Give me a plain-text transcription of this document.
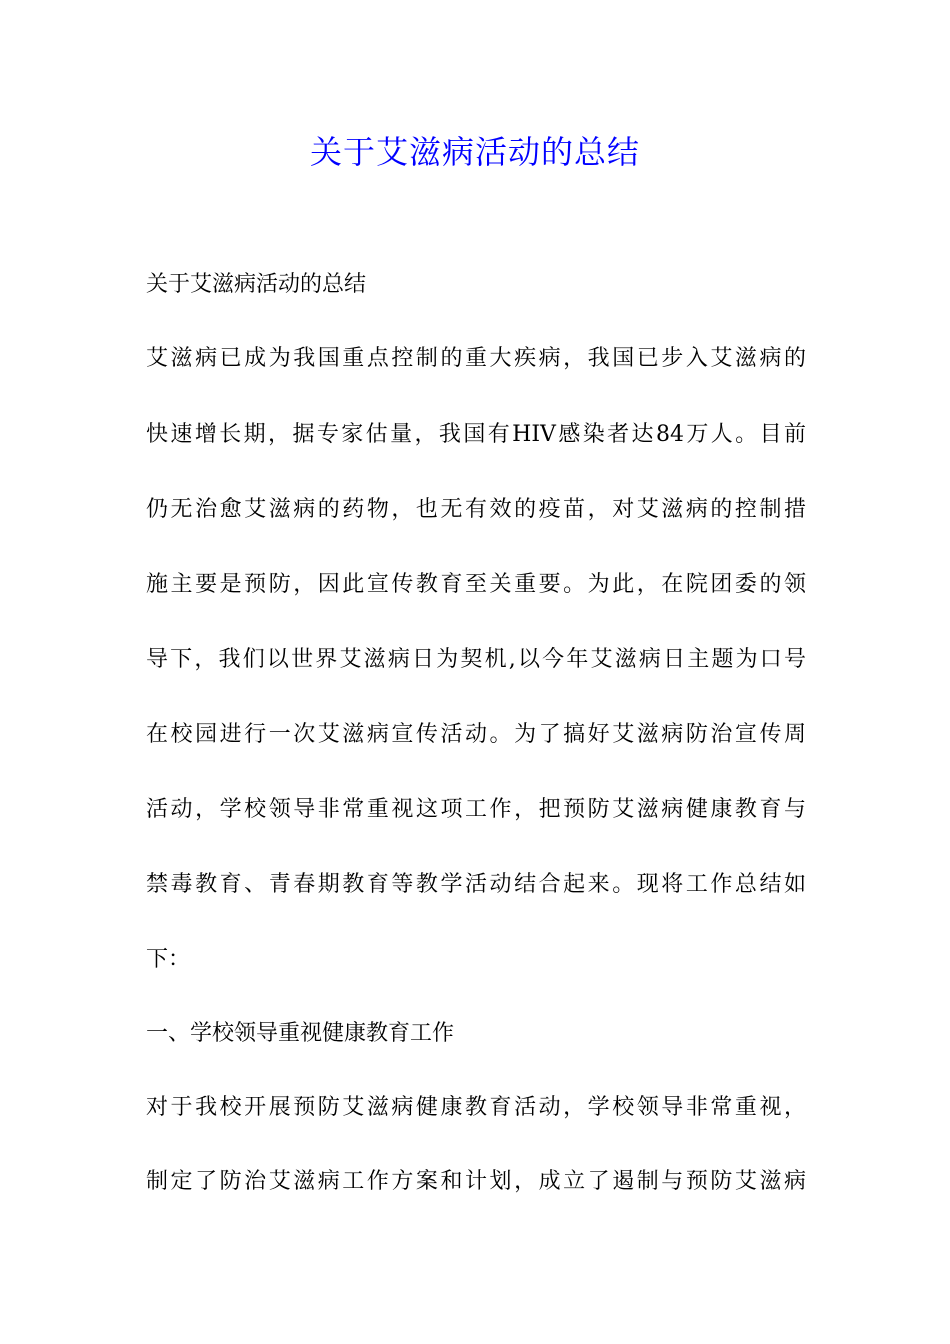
关于艾滋病活动的总结

关于艾滋病活动的总结

艾滋病已成为我国重点控制的重大疾病，我国已步入艾滋病的

快速增长期，据专家估量，我国有HIV感染者达84万人。目前

仍无治愈艾滋病的药物，也无有效的疫苗，对艾滋病的控制措

施主要是预防，因此宣传教育至关重要。为此，在院团委的领

导下，我们以世界艾滋病日为契机,以今年艾滋病日主题为口号

在校园进行一次艾滋病宣传活动。为了搞好艾滋病防治宣传周

活动，学校领导非常重视这项工作，把预防艾滋病健康教育与

禁毒教育、青春期教育等教学活动结合起来。现将工作总结如

下：

一、学校领导重视健康教育工作

对于我校开展预防艾滋病健康教育活动，学校领导非常重视，

制定了防治艾滋病工作方案和计划，成立了遏制与预防艾滋病
